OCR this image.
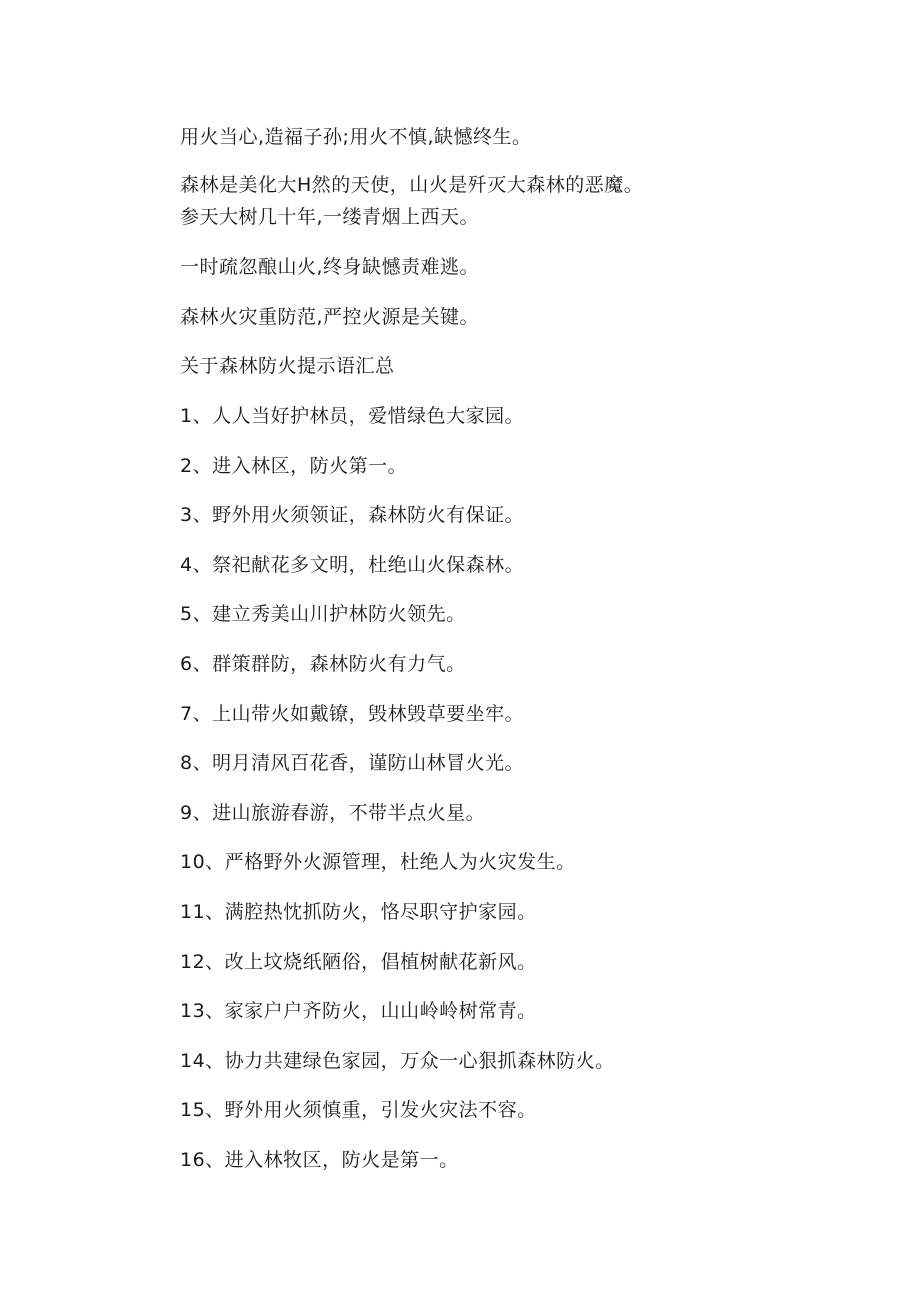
用火当心,造福子孙;用火不慎,缺憾终生。
森林是美化大H然的天使，山火是歼灭大森林的恶魔。
参天大树几十年,一缕青烟上西天。
一时疏忽酿山火,终身缺憾责难逃。
森林火灾重防范,严控火源是关键。
关于森林防火提示语汇总
1、人人当好护林员，爱惜绿色大家园。
2、进入林区，防火第一。
3、野外用火须领证，森林防火有保证。
4、祭祀献花多文明，杜绝山火保森林。
5、建立秀美山川护林防火领先。
6、群策群防，森林防火有力气。
7、上山带火如戴镣，毁林毁草要坐牢。
8、明月清风百花香，谨防山林冒火光。
9、进山旅游春游，不带半点火星。
10、严格野外火源管理，杜绝人为火灾发生。
11、满腔热忱抓防火，恪尽职守护家园。
12、改上坟烧纸陋俗，倡植树献花新风。
13、家家户户齐防火，山山岭岭树常青。
14、协力共建绿色家园，万众一心狠抓森林防火。
15、野外用火须慎重，引发火灾法不容。
16、进入林牧区，防火是第一。
